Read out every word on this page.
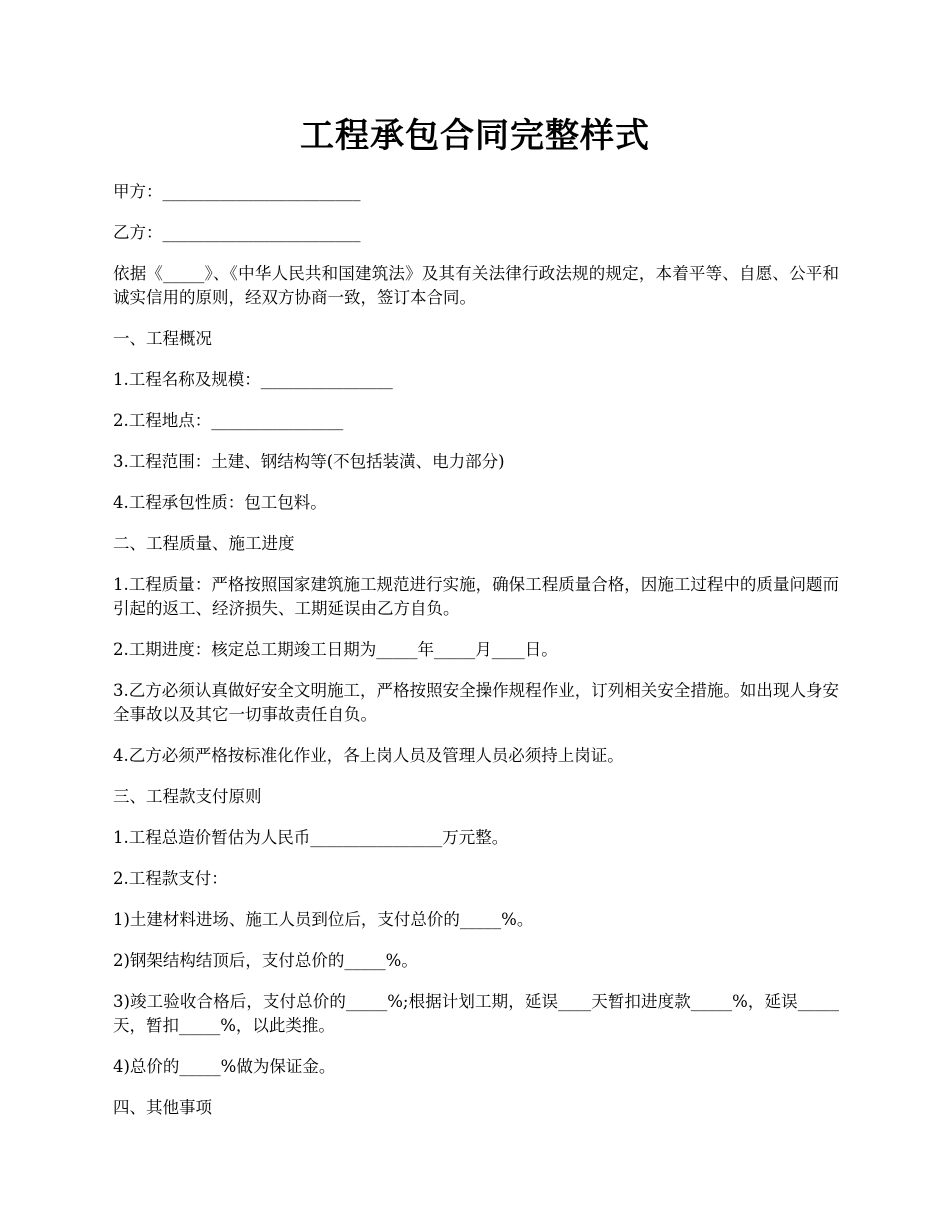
工程承包合同完整样式

甲方：________________________

乙方：________________________

依据《_____》、《中华人民共和国建筑法》及其有关法律行政法规的规定，本着平等、自愿、公平和诚实信用的原则，经双方协商一致，签订本合同。

一、工程概况

1.工程名称及规模：________________

2.工程地点：________________

3.工程范围：土建、钢结构等(不包括装潢、电力部分)

4.工程承包性质：包工包料。

二、工程质量、施工进度

1.工程质量：严格按照国家建筑施工规范进行实施，确保工程质量合格，因施工过程中的质量问题而引起的返工、经济损失、工期延误由乙方自负。

2.工期进度：核定总工期竣工日期为_____年_____月____日。

3.乙方必须认真做好安全文明施工，严格按照安全操作规程作业，订列相关安全措施。如出现人身安全事故以及其它一切事故责任自负。

4.乙方必须严格按标准化作业，各上岗人员及管理人员必须持上岗证。

三、工程款支付原则

1.工程总造价暂估为人民币________________万元整。

2.工程款支付：

1)土建材料进场、施工人员到位后，支付总价的_____%。

2)钢架结构结顶后，支付总价的_____%。

3)竣工验收合格后，支付总价的_____%;根据计划工期，延误____天暂扣进度款_____%，延误_____天，暂扣_____%，以此类推。

4)总价的_____%做为保证金。

四、其他事项
